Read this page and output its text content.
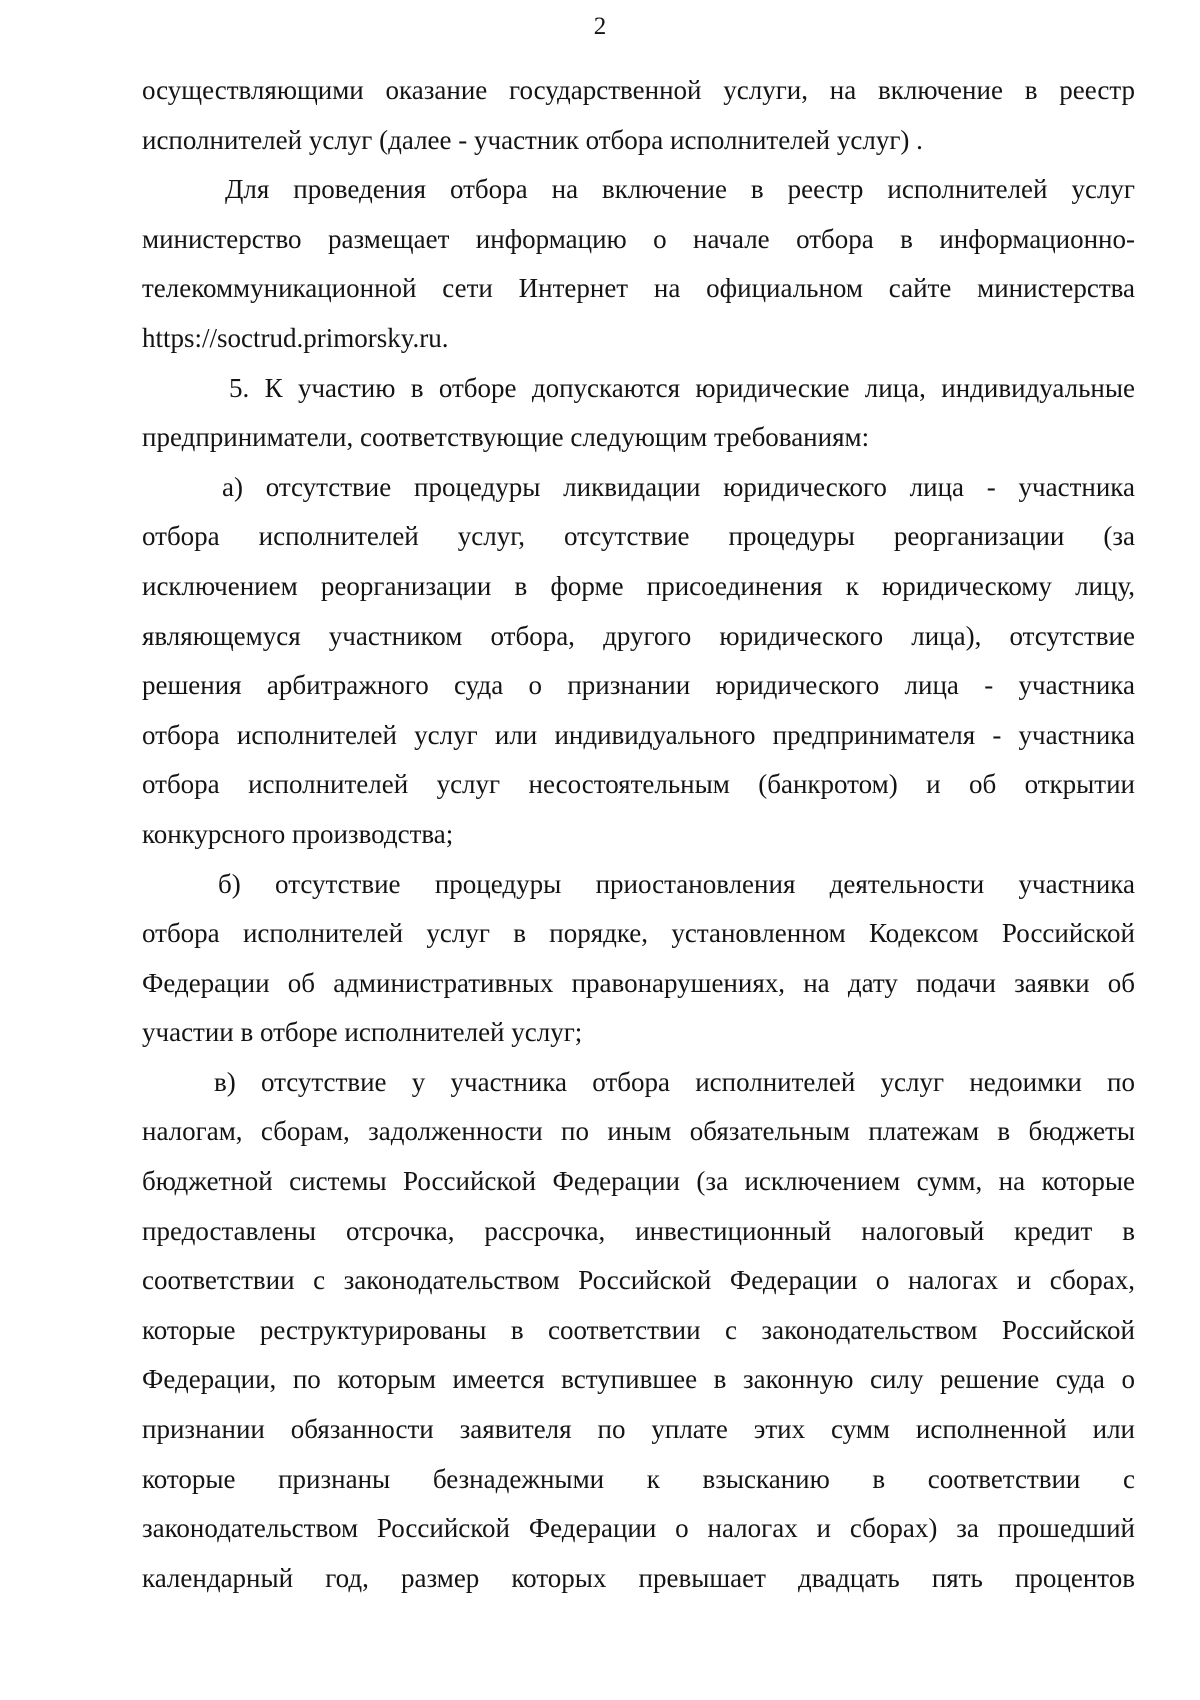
2

осуществляющими оказание государственной услуги, на включение в реестр
исполнителей услуг (далее - участник отбора исполнителей услуг) .

Для проведения отбора на включение в реестр исполнителей услуг
министерство размещает информацию о начале отбора в информационно-
телекоммуникационной сети Интернет на официальном сайте министерства
https://soctrud.primorsky.ru.

5. К участию в отборе допускаются юридические лица, индивидуальные
предприниматели, соответствующие следующим требованиям:

а) отсутствие процедуры ликвидации юридического лица - участника
отбора исполнителей услуг, отсутствие процедуры реорганизации (за
исключением реорганизации в форме присоединения к юридическому лицу,
являющемуся участником отбора, другого юридического лица), отсутствие
решения арбитражного суда о признании юридического лица - участника
отбора исполнителей услуг или индивидуального предпринимателя - участника
отбора исполнителей услуг несостоятельным (банкротом) и об открытии
конкурсного производства;

б) отсутствие процедуры приостановления деятельности участника
отбора исполнителей услуг в порядке, установленном Кодексом Российской
Федерации об административных правонарушениях, на дату подачи заявки об
участии в отборе исполнителей услуг;

в) отсутствие у участника отбора исполнителей услуг недоимки по
налогам, сборам, задолженности по иным обязательным платежам в бюджеты
бюджетной системы Российской Федерации (за исключением сумм, на которые
предоставлены отсрочка, рассрочка, инвестиционный налоговый кредит в
соответствии с законодательством Российской Федерации о налогах и сборах,
которые реструктурированы в соответствии с законодательством Российской
Федерации, по которым имеется вступившее в законную силу решение суда о
признании обязанности заявителя по уплате этих сумм исполненной или
которые признаны безнадежными к взысканию в соответствии с
законодательством Российской Федерации о налогах и сборах) за прошедший
календарный год, размер которых превышает двадцать пять процентов
